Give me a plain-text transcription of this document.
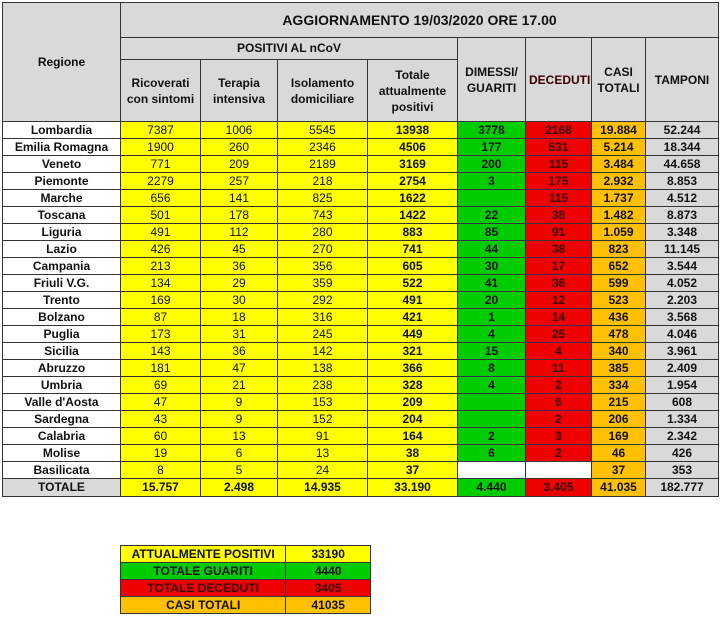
Regione	AGGIORNAMENTO 19/03/2020 ORE 17.00							
	POSITIVI AL nCoV				DIMESSI/ GUARITI	DECEDUTI	CASI TOTALI	TAMPONI
	Ricoverati con sintomi	Terapia intensiva	Isolamento domiciliare	Totale attualmente positivi				
Lombardia	7387	1006	5545	13938	3778	2168	19.884	52.244
Emilia Romagna	1900	260	2346	4506	177	531	5.214	18.344
Veneto	771	209	2189	3169	200	115	3.484	44.658
Piemonte	2279	257	218	2754	3	175	2.932	8.853
Marche	656	141	825	1622		115	1.737	4.512
Toscana	501	178	743	1422	22	38	1.482	8.873
Liguria	491	112	280	883	85	91	1.059	3.348
Lazio	426	45	270	741	44	38	823	11.145
Campania	213	36	356	605	30	17	652	3.544
Friuli V.G.	134	29	359	522	41	36	599	4.052
Trento	169	30	292	491	20	12	523	2.203
Bolzano	87	18	316	421	1	14	436	3.568
Puglia	173	31	245	449	4	25	478	4.046
Sicilia	143	36	142	321	15	4	340	3.961
Abruzzo	181	47	138	366	8	11	385	2.409
Umbria	69	21	238	328	4	2	334	1.954
Valle d'Aosta	47	9	153	209		6	215	608
Sardegna	43	9	152	204		2	206	1.334
Calabria	60	13	91	164	2	3	169	2.342
Molise	19	6	13	38	6	2	46	426
Basilicata	8	5	24	37			37	353
TOTALE	15.757	2.498	14.935	33.190	4.440	3.405	41.035	182.777
ATTUALMENTE POSITIVI	33190
TOTALE GUARITI	4440
TOTALE DECEDUTI	3405
CASI TOTALI	41035
